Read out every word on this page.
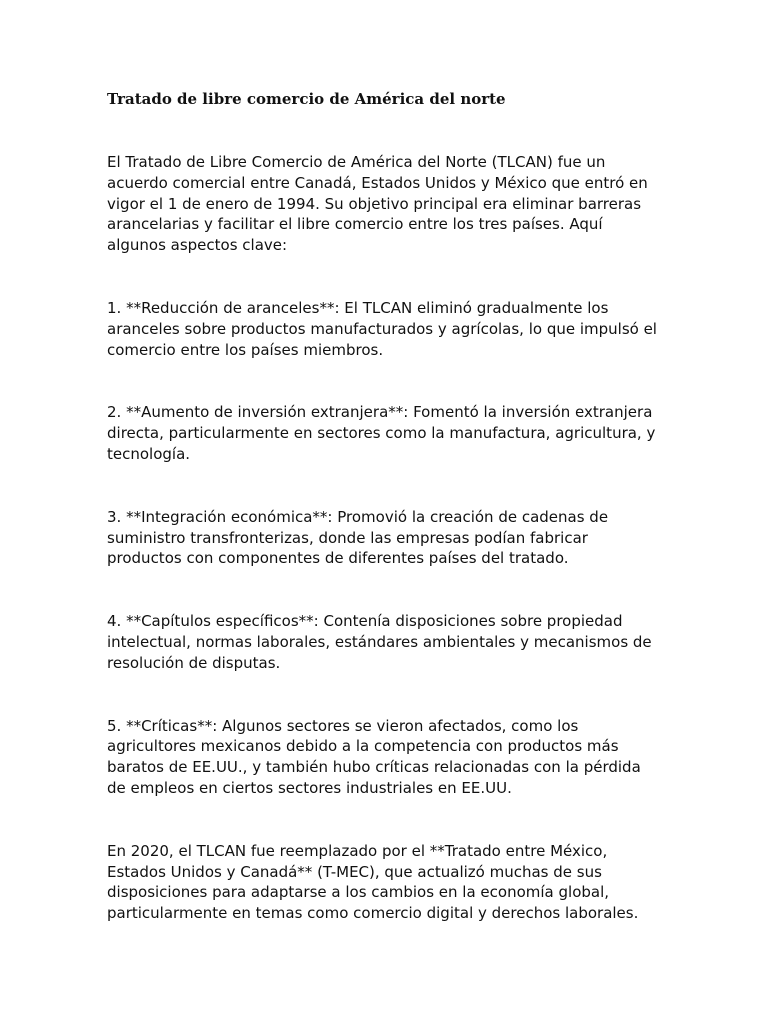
Tratado de libre comercio de América del norte

El Tratado de Libre Comercio de América del Norte (TLCAN) fue un
acuerdo comercial entre Canadá, Estados Unidos y México que entró en
vigor el 1 de enero de 1994. Su objetivo principal era eliminar barreras
arancelarias y facilitar el libre comercio entre los tres países. Aquí
algunos aspectos clave:

1. **Reducción de aranceles**: El TLCAN eliminó gradualmente los
aranceles sobre productos manufacturados y agrícolas, lo que impulsó el
comercio entre los países miembros.

2. **Aumento de inversión extranjera**: Fomentó la inversión extranjera
directa, particularmente en sectores como la manufactura, agricultura, y
tecnología.

3. **Integración económica**: Promovió la creación de cadenas de
suministro transfronterizas, donde las empresas podían fabricar
productos con componentes de diferentes países del tratado.

4. **Capítulos específicos**: Contenía disposiciones sobre propiedad
intelectual, normas laborales, estándares ambientales y mecanismos de
resolución de disputas.

5. **Críticas**: Algunos sectores se vieron afectados, como los
agricultores mexicanos debido a la competencia con productos más
baratos de EE.UU., y también hubo críticas relacionadas con la pérdida
de empleos en ciertos sectores industriales en EE.UU.

En 2020, el TLCAN fue reemplazado por el **Tratado entre México,
Estados Unidos y Canadá** (T-MEC), que actualizó muchas de sus
disposiciones para adaptarse a los cambios en la economía global,
particularmente en temas como comercio digital y derechos laborales.
